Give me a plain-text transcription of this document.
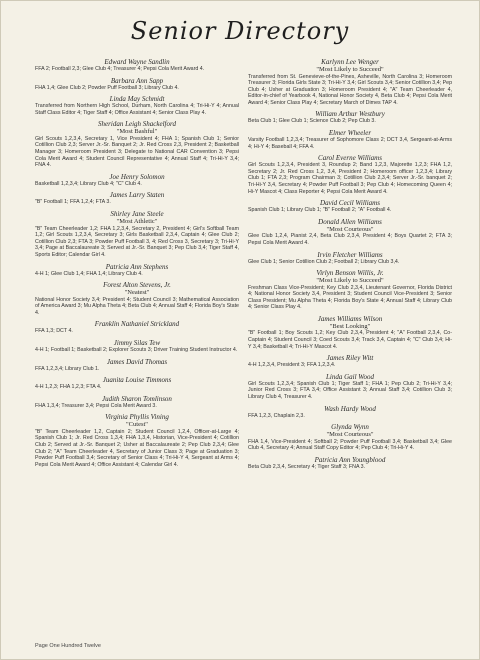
Senior Directory
Edward Wayne Sandlin
FFA 2; Football 2,3; Glee Club 4; Treasurer 4; Pepsi Cola Merit Award 4.
Barbara Ann Sapp
FHA 1,4; Glee Club 2; Powder Puff Football 3; Library Club 4.
Linda May Schmidt
Transferred from Northern High School, Durham, North Carolina 4; Tri-Hi-Y 4; Annual Staff Class Editor 4; Tiger Staff 4; Office Assistant 4; Senior Class Play 4.
Sheridan Leigh Shackelford
"Most Bashful"
Girl Scouts 1,2,3,4, Secretary 1, Vice President 4; FHA 1; Spanish Club 1; Senior Cotillion Club 2,3; Server Jr.-Sr. Banquet 2; Jr. Red Cross 2,3, President 2; Basketball Manager 3; Homeroom President 3; Delegate to National CAR Convention 3; Pepsi Cola Merit Award 4; Student Council Representative 4; Annual Staff 4; Tri-Hi-Y 3,4; FNA 4.
Joe Henry Solomon
Basketball 1,2,3,4; Library Club 4; "C" Club 4.
James Larry Staten
"B" Football 1; FFA 1,2,4; FTA 3.
Shirley Jane Steele
"Most Athletic"
"B" Team Cheerleader 1,2; FHA 1,2,3,4, Secretary 2, President 4; Girl's Softball Team 1,2; Girl Scouts 1,2,3,4, Secretary 3; Girls Basketball 2,3,4, Captain 4; Glee Club 2; Cotillion Club 2,3; FTA 3; Powder Puff Football 3, 4; Red Cross 3, Secretary 3; Tri-Hi-Y 3,4; Page at Baccalaureate 3; Served at Jr.-Sr. Banquet 3; Pep Club 3,4; Tiger Staff 4, Sports Editor; Calendar Girl 4.
Patricia Ann Stephens
4-H 1; Glee Club 1,4; FHA 1,4; Library Club 4.
Forest Alton Stevens, Jr.
"Neatest"
National Honor Society 3,4; President 4; Student Council 3; Mathematical Association of America Award 3; Mu Alpha Theta 4; Beta Club 4; Annual Staff 4; Florida Boy's State 4.
Franklin Nathaniel Strickland
FFA 1,3; DCT 4.
Jimmy Silas Tew
4-H 1; Football 1; Basketball 2; Explorer Scouts 3; Driver Training Student Instructor 4.
James David Thomas
FFA 1,2,3,4; Library Club 1.
Juanita Louise Timmons
4-H 1,2,3; FHA 1,2,3; FTA 4.
Judith Sharon Tomlinson
FHA 1,3,4; Treasurer 3,4; Pepsi Cola Merit Award 3.
Virginia Phyllis Vining
"Cutest"
"B" Team Cheerleader 1,2, Captain 2; Student Council 1,2,4, Officer-at-Large 4; Spanish Club 1; Jr. Red Cross 1,3,4; FHA 1,3,4, Historian, Vice-President 4; Cotillion Club 2; Served at Jr.-Sr. Banquet 2; Usher at Baccalaureate 2; Pep Club 2,3,4; Glee Club 2; "A" Team Cheerleader 4, Secretary of Junior Class 3; Page at Graduation 3; Powder Puff Football 3,4; Secretary of Senior Class 4; Tri-Hi-Y 4, Sergeant at Arms 4; Pepsi Cola Merit Award 4; Office Assistant 4; Calendar Girl 4.
Karlynn Lee Wenger
"Most Likely to Succeed"
Transferred from St. Genevieve-of-the-Pines, Asheville, North Carolina 3; Homeroom Treasurer 3; Florida Girls State 3; Tri-Hi-Y 3,4; Girl Scouts 3,4; Senior Cotillion 3,4; Pep Club 4; Usher at Graduation 3; Homeroom President 4; "A" Team Cheerleader 4, Editor-in-chief of Yearbook 4, National Honor Society 4, Beta Club 4; Pepsi Cola Merit Award 4; Senior Class Play 4; Secretary March of Dimes TAP 4.
William Arthur Westbury
Beta Club 1; Glee Club 1; Science Club 2; Pep Club 3.
Elmer Wheeler
Varsity Football 1,2,3,4; Treasurer of Sophomore Class 2; DCT 3,4, Sergeant-at-Arms 4; Hi-Y 4; Baseball 4; FFA 4.
Carol Everne Williams
Girl Scouts 1,2,3,4, President 3, Roundup 2; Band 1,2,3, Majorette 1,2,3; FHA 1,2, Secretary 2; Jr. Red Cross 1,2, 3,4, President 2; Homeroom officer 1,2,3,4; Library Club 1; FTA 2,3; Program Chairman 3; Cotillion Club 2,3,4; Server Jr.-Sr. banquet 2; Tri-Hi-Y 3,4, Secretary 4; Powder Puff Football 3; Pep Club 4; Homecoming Queen 4; Hi-Y Mascot 4; Class Reporter 4; Pepsi Cola Merit Award 4.
David Cecil Williams
Spanish Club 1; Library Club 1; "B" Football 2; "A" Football 4.
Donald Allen Williams
"Most Courteous"
Glee Club 1,2,4, Pianist 2,4, Beta Club 2,3,4, President 4; Boys Quartet 2; FTA 3; Pepsi Cola Merit Award 4.
Irvin Fletcher Williams
Glee Club 1; Senior Cotillion Club 2; Football 2; Library Club 3,4.
Virlyn Benson Willis, Jr.
"Most Likely to Succeed"
Freshman Class Vice-President; Key Club 2,3,4, Lieutenant Governor, Florida District 4; National Honor Society 3,4, President 3; Student Council Vice-President 3; Senior Class President; Mu Alpha Theta 4; Florida Boy's State 4; Annual Staff 4; Library Club 4; Senior Class Play 4.
James Williams Wilson
"Best Looking"
"B" Football 1; Boy Scouts 1,2; Key Club 2,3,4, President 4; "A" Football 2,3,4, Co-Captain 4; Student Council 3; Coed Scouts 3,4; Track 3,4, Captain 4; "C" Club 3,4; Hi-Y 3,4; Basketball 4; Tri-Hi-Y Mascot 4.
James Riley Witt
4-H 1,2,3,4, President 3; FFA 1,2,3,4.
Linda Gail Wood
Girl Scouts 1,2,3,4; Spanish Club 1; Tiger Staff 1; FHA 1; Pep Club 2; Tri-Hi-Y 3,4; Junior Red Cross 3; FTA 3,4; Office Assistant 3; Annual Staff 3,4; Cotillion Club 3; Library Club 4, Treasurer 4.
Wash Hardy Wood
FFA 1,2,3, Chaplain 2,3.
Glynda Wynn
"Most Courteous"
FHA 1,4, Vice-President 4; Softball 2; Powder Puff Football 3,4; Basketball 3,4; Glee Club 4, Secretary 4; Annual Staff Copy Editor 4; Pep Club 4; Tri-Hi-Y 4.
Patricia Ann Youngblood
Beta Club 2,3,4, Secretary 4; Tiger Staff 3; FNA 3.
Page One Hundred Twelve
